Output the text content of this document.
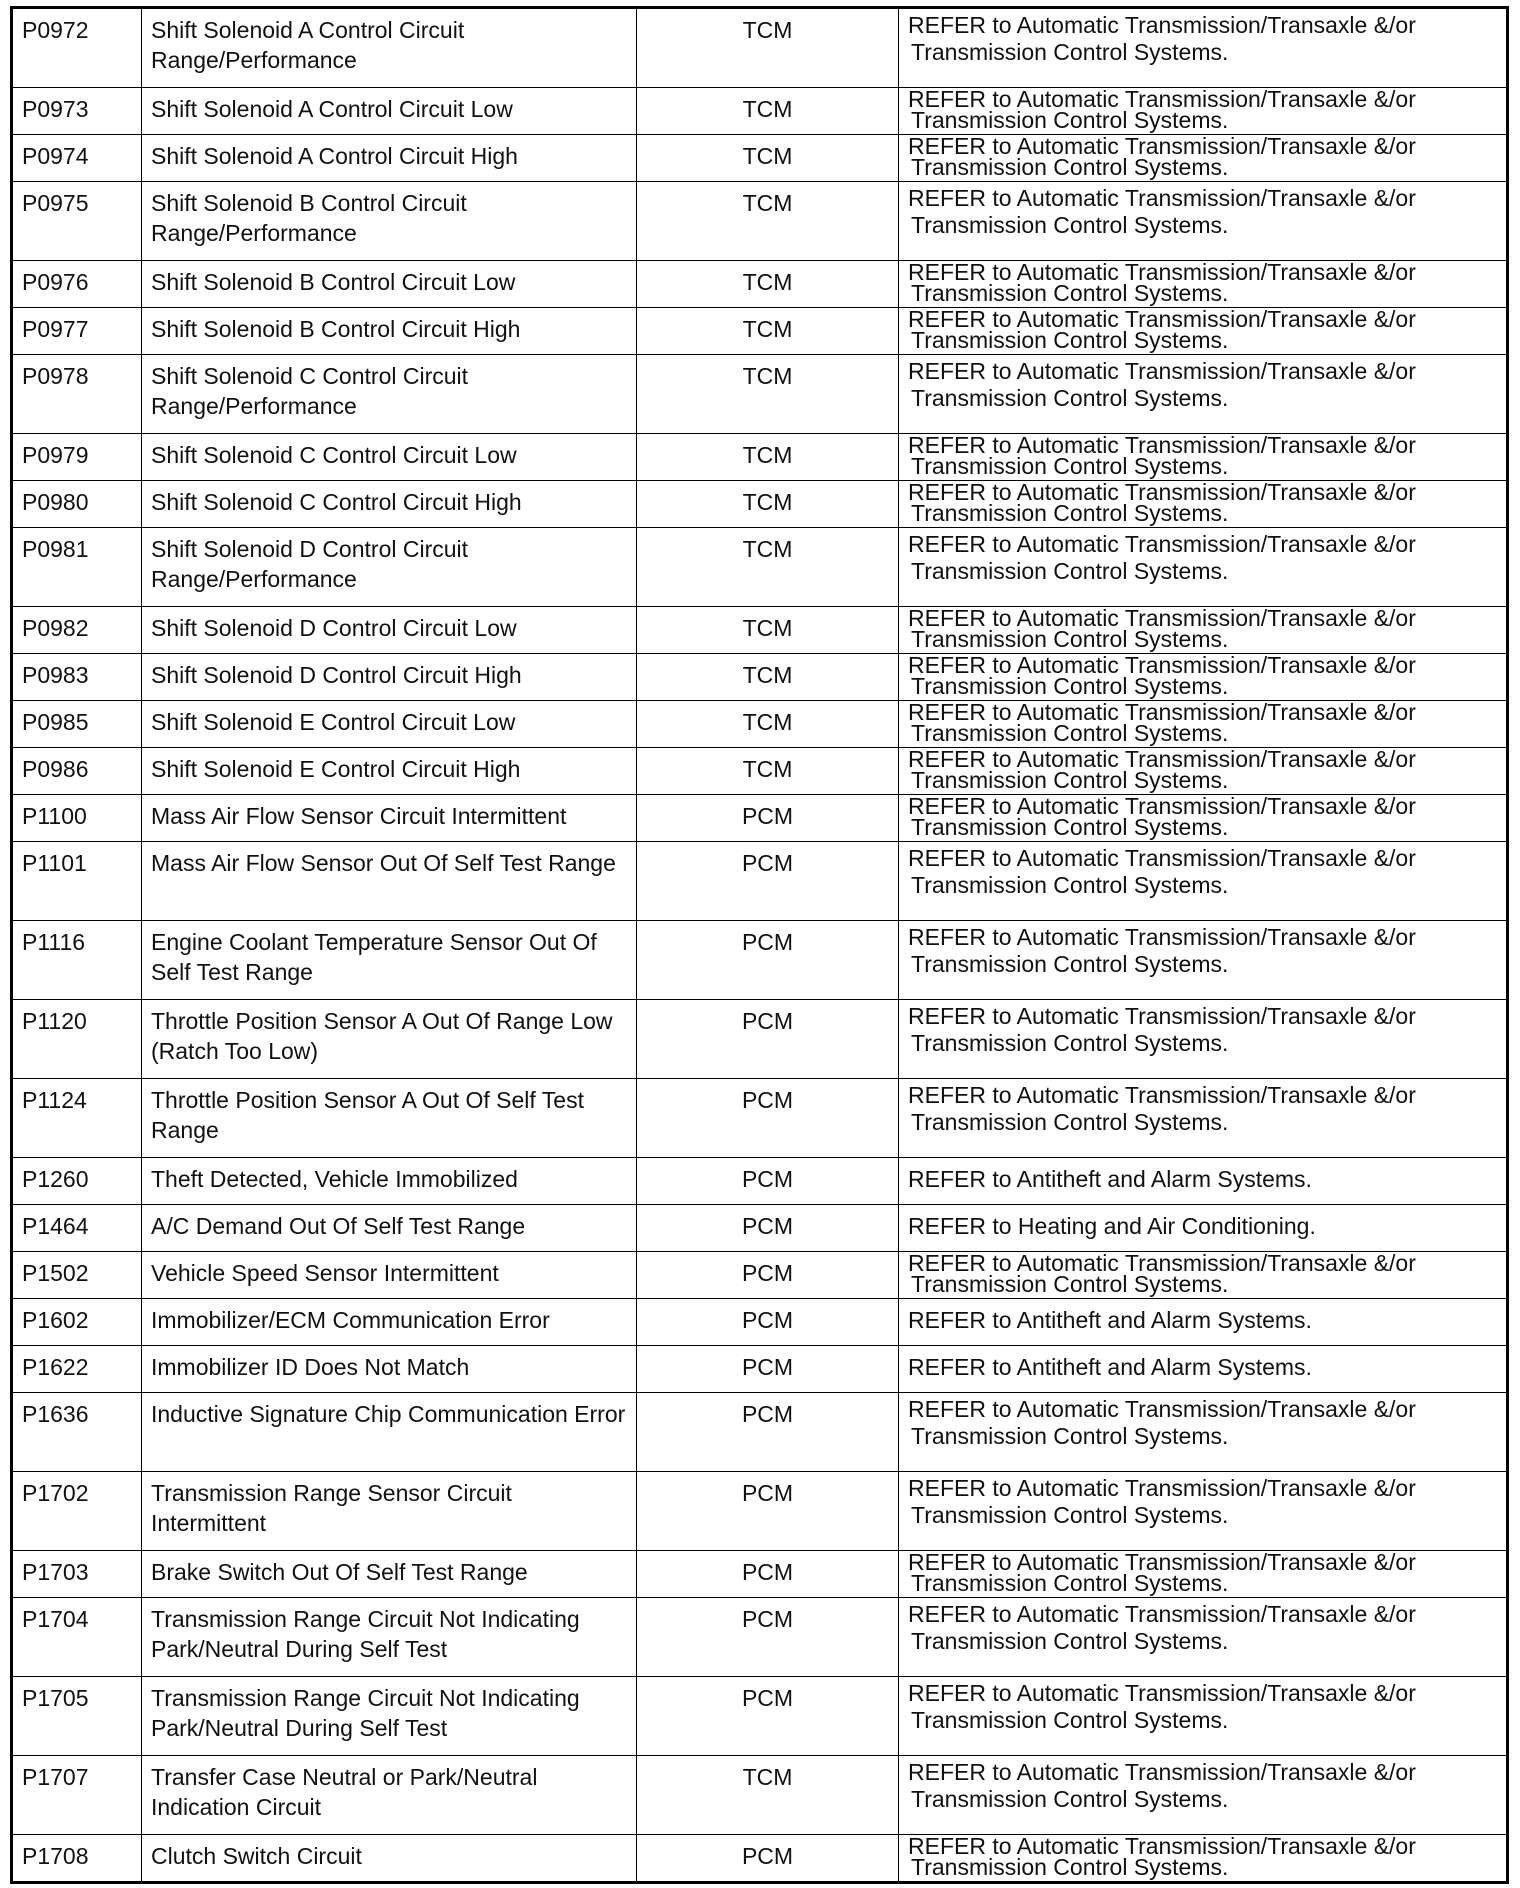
P0972	Shift Solenoid A Control Circuit Range/Performance	TCM	REFER to Automatic Transmission/Transaxle &/or
Transmission Control Systems.

P0973	Shift Solenoid A Control Circuit Low	TCM	REFER to Automatic Transmission/Transaxle &/or
Transmission Control Systems.

P0974	Shift Solenoid A Control Circuit High	TCM	REFER to Automatic Transmission/Transaxle &/or
Transmission Control Systems.

P0975	Shift Solenoid B Control Circuit Range/Performance	TCM	REFER to Automatic Transmission/Transaxle &/or
Transmission Control Systems.

P0976	Shift Solenoid B Control Circuit Low	TCM	REFER to Automatic Transmission/Transaxle &/or
Transmission Control Systems.

P0977	Shift Solenoid B Control Circuit High	TCM	REFER to Automatic Transmission/Transaxle &/or
Transmission Control Systems.

P0978	Shift Solenoid C Control Circuit Range/Performance	TCM	REFER to Automatic Transmission/Transaxle &/or
Transmission Control Systems.

P0979	Shift Solenoid C Control Circuit Low	TCM	REFER to Automatic Transmission/Transaxle &/or
Transmission Control Systems.

P0980	Shift Solenoid C Control Circuit High	TCM	REFER to Automatic Transmission/Transaxle &/or
Transmission Control Systems.

P0981	Shift Solenoid D Control Circuit Range/Performance	TCM	REFER to Automatic Transmission/Transaxle &/or
Transmission Control Systems.

P0982	Shift Solenoid D Control Circuit Low	TCM	REFER to Automatic Transmission/Transaxle &/or
Transmission Control Systems.

P0983	Shift Solenoid D Control Circuit High	TCM	REFER to Automatic Transmission/Transaxle &/or
Transmission Control Systems.

P0985	Shift Solenoid E Control Circuit Low	TCM	REFER to Automatic Transmission/Transaxle &/or
Transmission Control Systems.

P0986	Shift Solenoid E Control Circuit High	TCM	REFER to Automatic Transmission/Transaxle &/or
Transmission Control Systems.

P1100	Mass Air Flow Sensor Circuit Intermittent	PCM	REFER to Automatic Transmission/Transaxle &/or
Transmission Control Systems.

P1101	Mass Air Flow Sensor Out Of Self Test Range	PCM	REFER to Automatic Transmission/Transaxle &/or
Transmission Control Systems.

P1116	Engine Coolant Temperature Sensor Out Of Self Test Range	PCM	REFER to Automatic Transmission/Transaxle &/or
Transmission Control Systems.

P1120	Throttle Position Sensor A Out Of Range Low (Ratch Too Low)	PCM	REFER to Automatic Transmission/Transaxle &/or
Transmission Control Systems.

P1124	Throttle Position Sensor A Out Of Self Test Range	PCM	REFER to Automatic Transmission/Transaxle &/or
Transmission Control Systems.

P1260	Theft Detected, Vehicle Immobilized	PCM	REFER to Antitheft and Alarm Systems.

P1464	A/C Demand Out Of Self Test Range	PCM	REFER to Heating and Air Conditioning.

P1502	Vehicle Speed Sensor Intermittent	PCM	REFER to Automatic Transmission/Transaxle &/or
Transmission Control Systems.

P1602	Immobilizer/ECM Communication Error	PCM	REFER to Antitheft and Alarm Systems.

P1622	Immobilizer ID Does Not Match	PCM	REFER to Antitheft and Alarm Systems.

P1636	Inductive Signature Chip Communication Error	PCM	REFER to Automatic Transmission/Transaxle &/or
Transmission Control Systems.

P1702	Transmission Range Sensor Circuit Intermittent	PCM	REFER to Automatic Transmission/Transaxle &/or
Transmission Control Systems.

P1703	Brake Switch Out Of Self Test Range	PCM	REFER to Automatic Transmission/Transaxle &/or
Transmission Control Systems.

P1704	Transmission Range Circuit Not Indicating Park/Neutral During Self Test	PCM	REFER to Automatic Transmission/Transaxle &/or
Transmission Control Systems.

P1705	Transmission Range Circuit Not Indicating Park/Neutral During Self Test	PCM	REFER to Automatic Transmission/Transaxle &/or
Transmission Control Systems.

P1707	Transfer Case Neutral or Park/Neutral Indication Circuit	TCM	REFER to Automatic Transmission/Transaxle &/or
Transmission Control Systems.

P1708	Clutch Switch Circuit	PCM	REFER to Automatic Transmission/Transaxle &/or
Transmission Control Systems.
